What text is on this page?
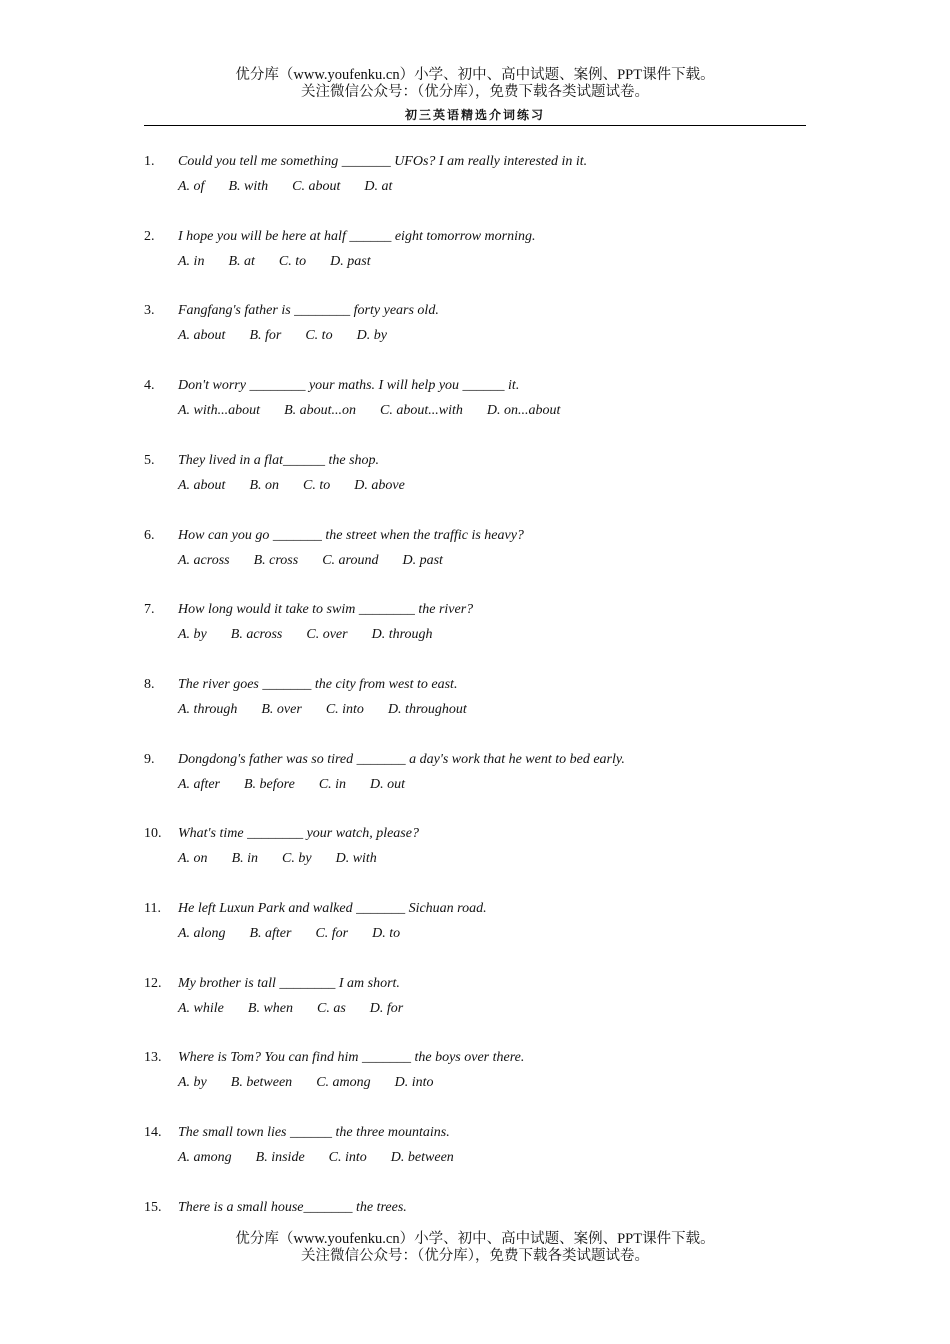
优分库（www.youfenku.cn）小学、初中、高中试题、案例、PPT课件下载。
关注微信公众号：（优分库），免费下载各类试题试卷。
初三英语精选介词练习
1. Could you tell me something _______ UFOs? I am really interested in it.
A. of B. with C. about D. at
2. I hope you will be here at half ______ eight tomorrow morning.
A. in B. at C. to D. past
3. Fangfang's father is ________ forty years old.
A. about B. for C. to D. by
4. Don't worry ________ your maths. I will help you ______ it.
A. with...about B. about...on C. about...with D. on...about
5. They lived in a flat______ the shop.
A. about B. on C. to D. above
6. How can you go _______ the street when the traffic is heavy?
A. across B. cross C. around D. past
7. How long would it take to swim ________ the river?
A. by B. across C. over D. through
8. The river goes _______ the city from west to east.
A. through B. over C. into D. throughout
9. Dongdong's father was so tired _______ a day's work that he went to bed early.
A. after B. before C. in D. out
10. What's time ________ your watch, please?
A. on B. in C. by D. with
11. He left Luxun Park and walked _______ Sichuan road.
A. along B. after C. for D. to
12. My brother is tall ________ I am short.
A. while B. when C. as D. for
13. Where is Tom? You can find him _______ the boys over there.
A. by B. between C. among D. into
14. The small town lies ______ the three mountains.
A. among B. inside C. into D. between
15. There is a small house_______ the trees.
优分库（www.youfenku.cn）小学、初中、高中试题、案例、PPT课件下载。
关注微信公众号：（优分库），免费下载各类试题试卷。
